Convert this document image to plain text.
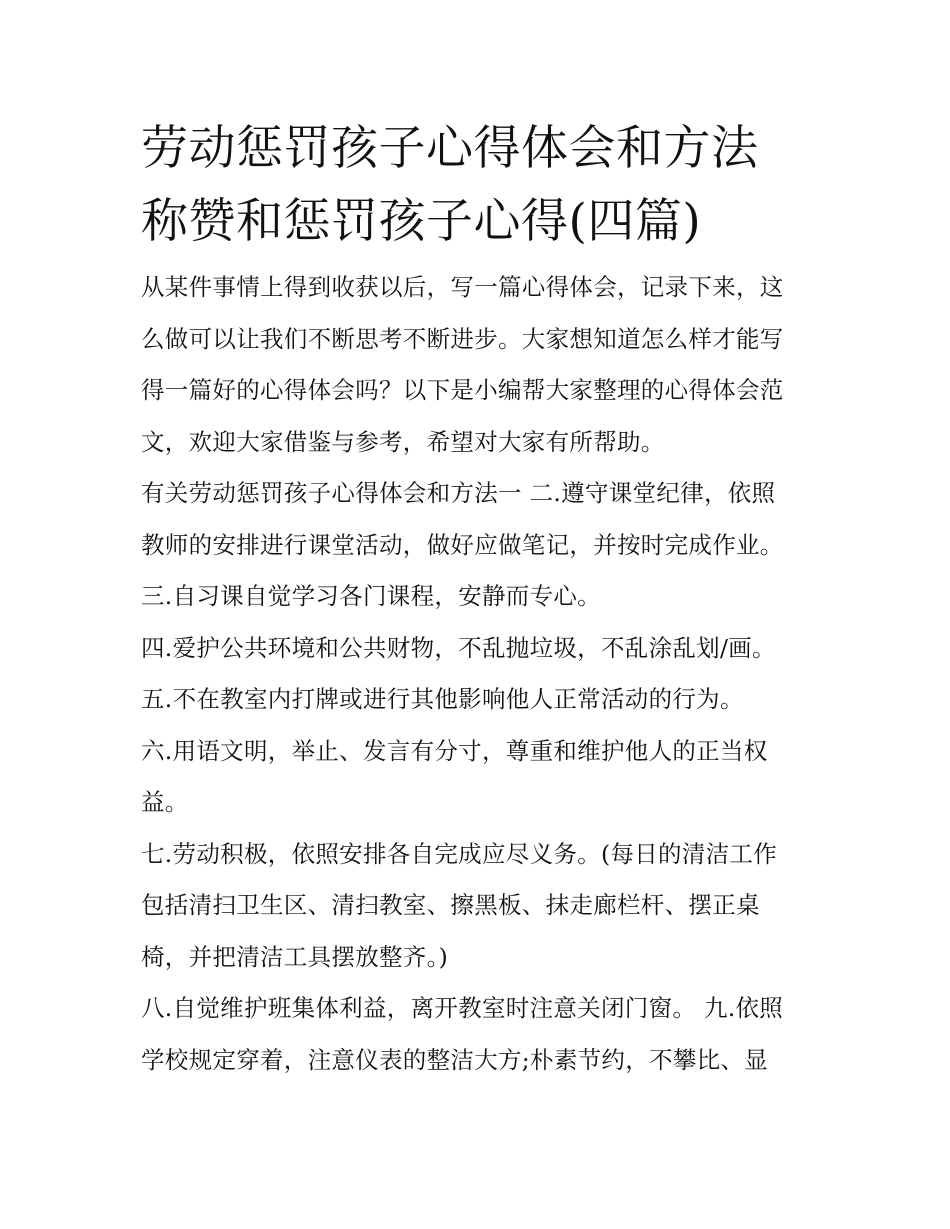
劳动惩罚孩子心得体会和方法
称赞和惩罚孩子心得(四篇)

从某件事情上得到收获以后，写一篇心得体会，记录下来，这
么做可以让我们不断思考不断进步。大家想知道怎么样才能写
得一篇好的心得体会吗？以下是小编帮大家整理的心得体会范
文，欢迎大家借鉴与参考，希望对大家有所帮助。

有关劳动惩罚孩子心得体会和方法一 二.遵守课堂纪律，依照
教师的安排进行课堂活动，做好应做笔记，并按时完成作业。

三.自习课自觉学习各门课程，安静而专心。

四.爱护公共环境和公共财物，不乱抛垃圾，不乱涂乱划/画。

五.不在教室内打牌或进行其他影响他人正常活动的行为。

六.用语文明，举止、发言有分寸，尊重和维护他人的正当权
益。

七.劳动积极，依照安排各自完成应尽义务。(每日的清洁工作
包括清扫卫生区、清扫教室、擦黑板、抹走廊栏杆、摆正桌
椅，并把清洁工具摆放整齐。)

八.自觉维护班集体利益，离开教室时注意关闭门窗。 九.依照
学校规定穿着，注意仪表的整洁大方;朴素节约，不攀比、显
